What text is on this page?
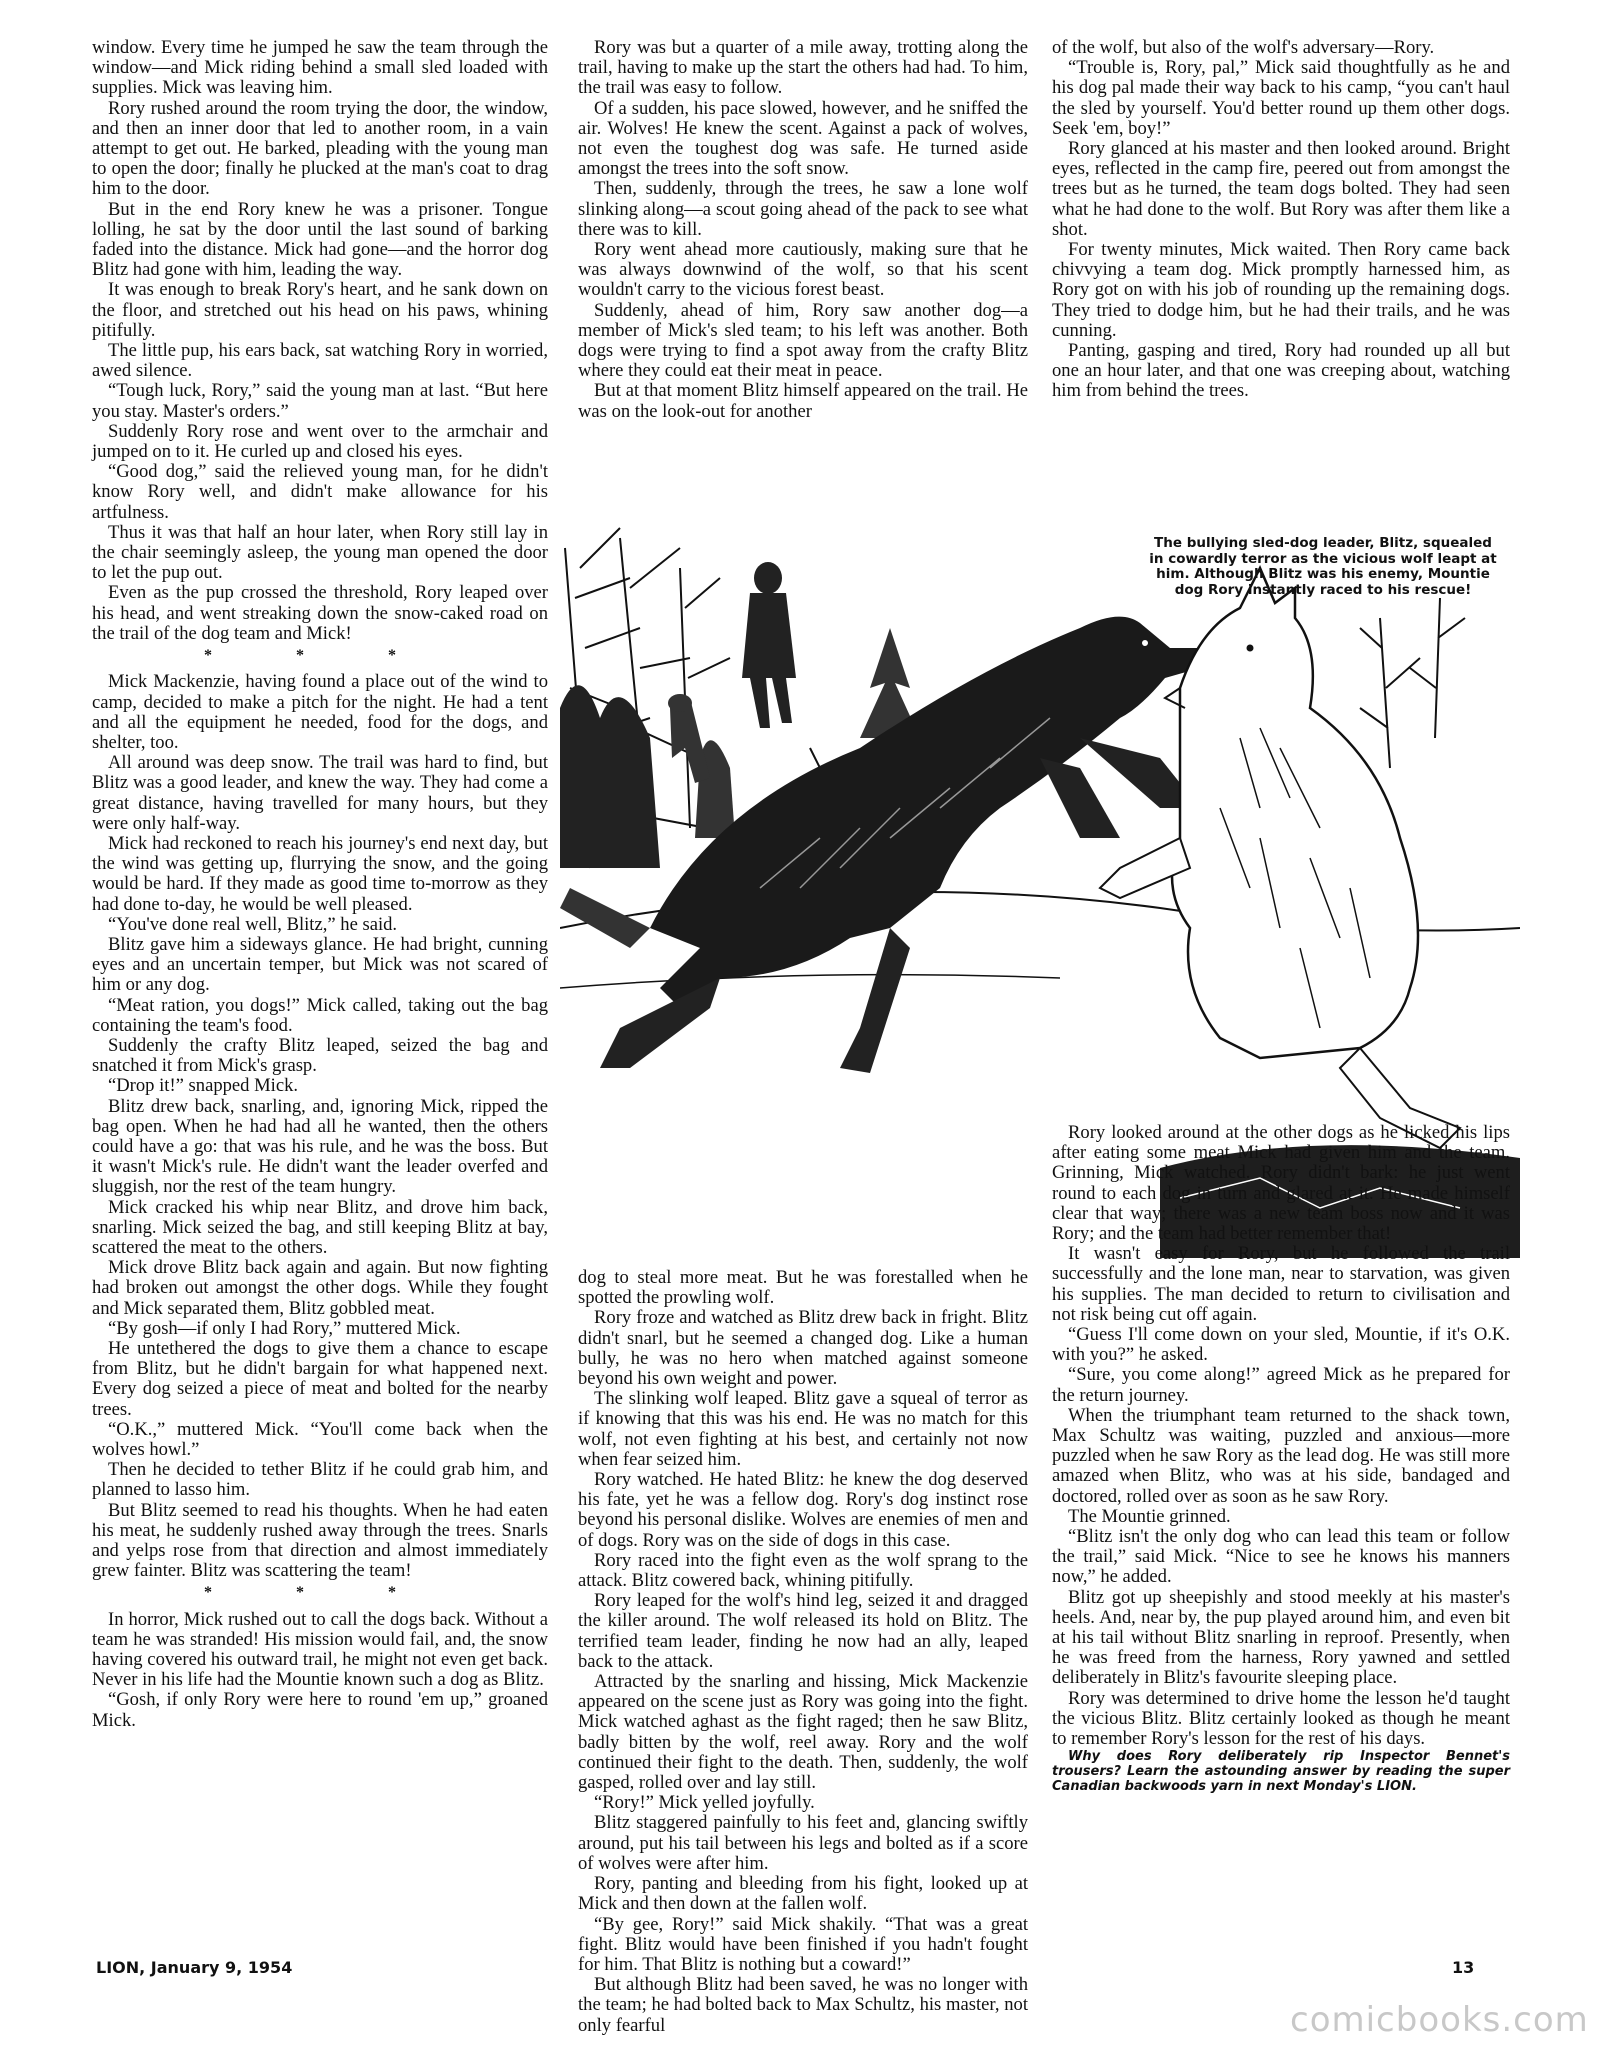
window. Every time he jumped he saw the team through the window—and Mick riding behind a small sled loaded with supplies. Mick was leaving him.

Rory rushed around the room trying the door, the window, and then an inner door that led to another room, in a vain attempt to get out. He barked, pleading with the young man to open the door; finally he plucked at the man's coat to drag him to the door.

But in the end Rory knew he was a prisoner. Tongue lolling, he sat by the door until the last sound of barking faded into the distance. Mick had gone—and the horror dog Blitz had gone with him, leading the way.

It was enough to break Rory's heart, and he sank down on the floor, and stretched out his head on his paws, whining pitifully.

The little pup, his ears back, sat watching Rory in worried, awed silence.

“Tough luck, Rory,” said the young man at last. “But here you stay. Master's orders.”

Suddenly Rory rose and went over to the armchair and jumped on to it. He curled up and closed his eyes.

“Good dog,” said the relieved young man, for he didn't know Rory well, and didn't make allowance for his artfulness.

Thus it was that half an hour later, when Rory still lay in the chair seemingly asleep, the young man opened the door to let the pup out.

Even as the pup crossed the threshold, Rory leaped over his head, and went streaking down the snow-caked road on the trail of the dog team and Mick!

* * *

Mick Mackenzie, having found a place out of the wind to camp, decided to make a pitch for the night. He had a tent and all the equipment he needed, food for the dogs, and shelter, too.

All around was deep snow. The trail was hard to find, but Blitz was a good leader, and knew the way. They had come a great distance, having travelled for many hours, but they were only half-way.

Mick had reckoned to reach his journey's end next day, but the wind was getting up, flurrying the snow, and the going would be hard. If they made as good time to-morrow as they had done to-day, he would be well pleased.

“You've done real well, Blitz,” he said.

Blitz gave him a sideways glance. He had bright, cunning eyes and an uncertain temper, but Mick was not scared of him or any dog.

“Meat ration, you dogs!” Mick called, taking out the bag containing the team's food.

Suddenly the crafty Blitz leaped, seized the bag and snatched it from Mick's grasp.

“Drop it!” snapped Mick.

Blitz drew back, snarling, and, ignoring Mick, ripped the bag open. When he had had all he wanted, then the others could have a go: that was his rule, and he was the boss. But it wasn't Mick's rule. He didn't want the leader overfed and sluggish, nor the rest of the team hungry.

Mick cracked his whip near Blitz, and drove him back, snarling. Mick seized the bag, and still keeping Blitz at bay, scattered the meat to the others.

Mick drove Blitz back again and again. But now fighting had broken out amongst the other dogs. While they fought and Mick separated them, Blitz gobbled meat.

“By gosh—if only I had Rory,” muttered Mick.

He untethered the dogs to give them a chance to escape from Blitz, but he didn't bargain for what happened next. Every dog seized a piece of meat and bolted for the nearby trees.

“O.K.,” muttered Mick. “You'll come back when the wolves howl.”

Then he decided to tether Blitz if he could grab him, and planned to lasso him.

But Blitz seemed to read his thoughts. When he had eaten his meat, he suddenly rushed away through the trees. Snarls and yelps rose from that direction and almost immediately grew fainter. Blitz was scattering the team!

* * *

In horror, Mick rushed out to call the dogs back. Without a team he was stranded! His mission would fail, and, the snow having covered his outward trail, he might not even get back. Never in his life had the Mountie known such a dog as Blitz.

“Gosh, if only Rory were here to round 'em up,” groaned Mick.

Rory was but a quarter of a mile away, trotting along the trail, having to make up the start the others had had. To him, the trail was easy to follow.

Of a sudden, his pace slowed, however, and he sniffed the air. Wolves! He knew the scent. Against a pack of wolves, not even the toughest dog was safe. He turned aside amongst the trees into the soft snow.

Then, suddenly, through the trees, he saw a lone wolf slinking along—a scout going ahead of the pack to see what there was to kill.

Rory went ahead more cautiously, making sure that he was always downwind of the wolf, so that his scent wouldn't carry to the vicious forest beast.

Suddenly, ahead of him, Rory saw another dog—a member of Mick's sled team; to his left was another. Both dogs were trying to find a spot away from the crafty Blitz where they could eat their meat in peace.

But at that moment Blitz himself appeared on the trail. He was on the look-out for another

of the wolf, but also of the wolf's adversary—Rory.

“Trouble is, Rory, pal,” Mick said thoughtfully as he and his dog pal made their way back to his camp, “you can't haul the sled by yourself. You'd better round up them other dogs. Seek 'em, boy!”

Rory glanced at his master and then looked around. Bright eyes, reflected in the camp fire, peered out from amongst the trees but as he turned, the team dogs bolted. They had seen what he had done to the wolf. But Rory was after them like a shot.

For twenty minutes, Mick waited. Then Rory came back chivvying a team dog. Mick promptly harnessed him, as Rory got on with his job of rounding up the remaining dogs. They tried to dodge him, but he had their trails, and he was cunning.

Panting, gasping and tired, Rory had rounded up all but one an hour later, and that one was creeping about, watching him from behind the trees.

The bullying sled-dog leader, Blitz, squealed in cowardly terror as the vicious wolf leapt at him. Although Blitz was his enemy, Mountie dog Rory instantly raced to his rescue!

dog to steal more meat. But he was forestalled when he spotted the prowling wolf.

Rory froze and watched as Blitz drew back in fright. Blitz didn't snarl, but he seemed a changed dog. Like a human bully, he was no hero when matched against someone beyond his own weight and power.

The slinking wolf leaped. Blitz gave a squeal of terror as if knowing that this was his end. He was no match for this wolf, not even fighting at his best, and certainly not now when fear seized him.

Rory watched. He hated Blitz: he knew the dog deserved his fate, yet he was a fellow dog. Rory's dog instinct rose beyond his personal dislike. Wolves are enemies of men and of dogs. Rory was on the side of dogs in this case.

Rory raced into the fight even as the wolf sprang to the attack. Blitz cowered back, whining pitifully.

Rory leaped for the wolf's hind leg, seized it and dragged the killer around. The wolf released its hold on Blitz. The terrified team leader, finding he now had an ally, leaped back to the attack.

Attracted by the snarling and hissing, Mick Mackenzie appeared on the scene just as Rory was going into the fight. Mick watched aghast as the fight raged; then he saw Blitz, badly bitten by the wolf, reel away. Rory and the wolf continued their fight to the death. Then, suddenly, the wolf gasped, rolled over and lay still.

“Rory!” Mick yelled joyfully.

Blitz staggered painfully to his feet and, glancing swiftly around, put his tail between his legs and bolted as if a score of wolves were after him.

Rory, panting and bleeding from his fight, looked up at Mick and then down at the fallen wolf.

“By gee, Rory!” said Mick shakily. “That was a great fight. Blitz would have been finished if you hadn't fought for him. That Blitz is nothing but a coward!”

But although Blitz had been saved, he was no longer with the team; he had bolted back to Max Schultz, his master, not only fearful

Rory looked around at the other dogs as he licked his lips after eating some meat Mick had given him and the team. Grinning, Mick watched. Rory didn't bark: he just went round to each dog in turn and glared at it. He made himself clear that way; there was a new team boss now and it was Rory; and the team had better remember that!

It wasn't easy for Rory, but he followed the trail successfully and the lone man, near to starvation, was given his supplies. The man decided to return to civilisation and not risk being cut off again.

“Guess I'll come down on your sled, Mountie, if it's O.K. with you?” he asked.

“Sure, you come along!” agreed Mick as he prepared for the return journey.

When the triumphant team returned to the shack town, Max Schultz was waiting, puzzled and anxious—more puzzled when he saw Rory as the lead dog. He was still more amazed when Blitz, who was at his side, bandaged and doctored, rolled over as soon as he saw Rory.

The Mountie grinned.

“Blitz isn't the only dog who can lead this team or follow the trail,” said Mick. “Nice to see he knows his manners now,” he added.

Blitz got up sheepishly and stood meekly at his master's heels. And, near by, the pup played around him, and even bit at his tail without Blitz snarling in reproof. Presently, when he was freed from the harness, Rory yawned and settled deliberately in Blitz's favourite sleeping place.

Rory was determined to drive home the lesson he'd taught the vicious Blitz. Blitz certainly looked as though he meant to remember Rory's lesson for the rest of his days.

Why does Rory deliberately rip Inspector Bennet's trousers? Learn the astounding answer by reading the super Canadian backwoods yarn in next Monday's LION.

LION, January 9, 1954	13
comicbooks.com
